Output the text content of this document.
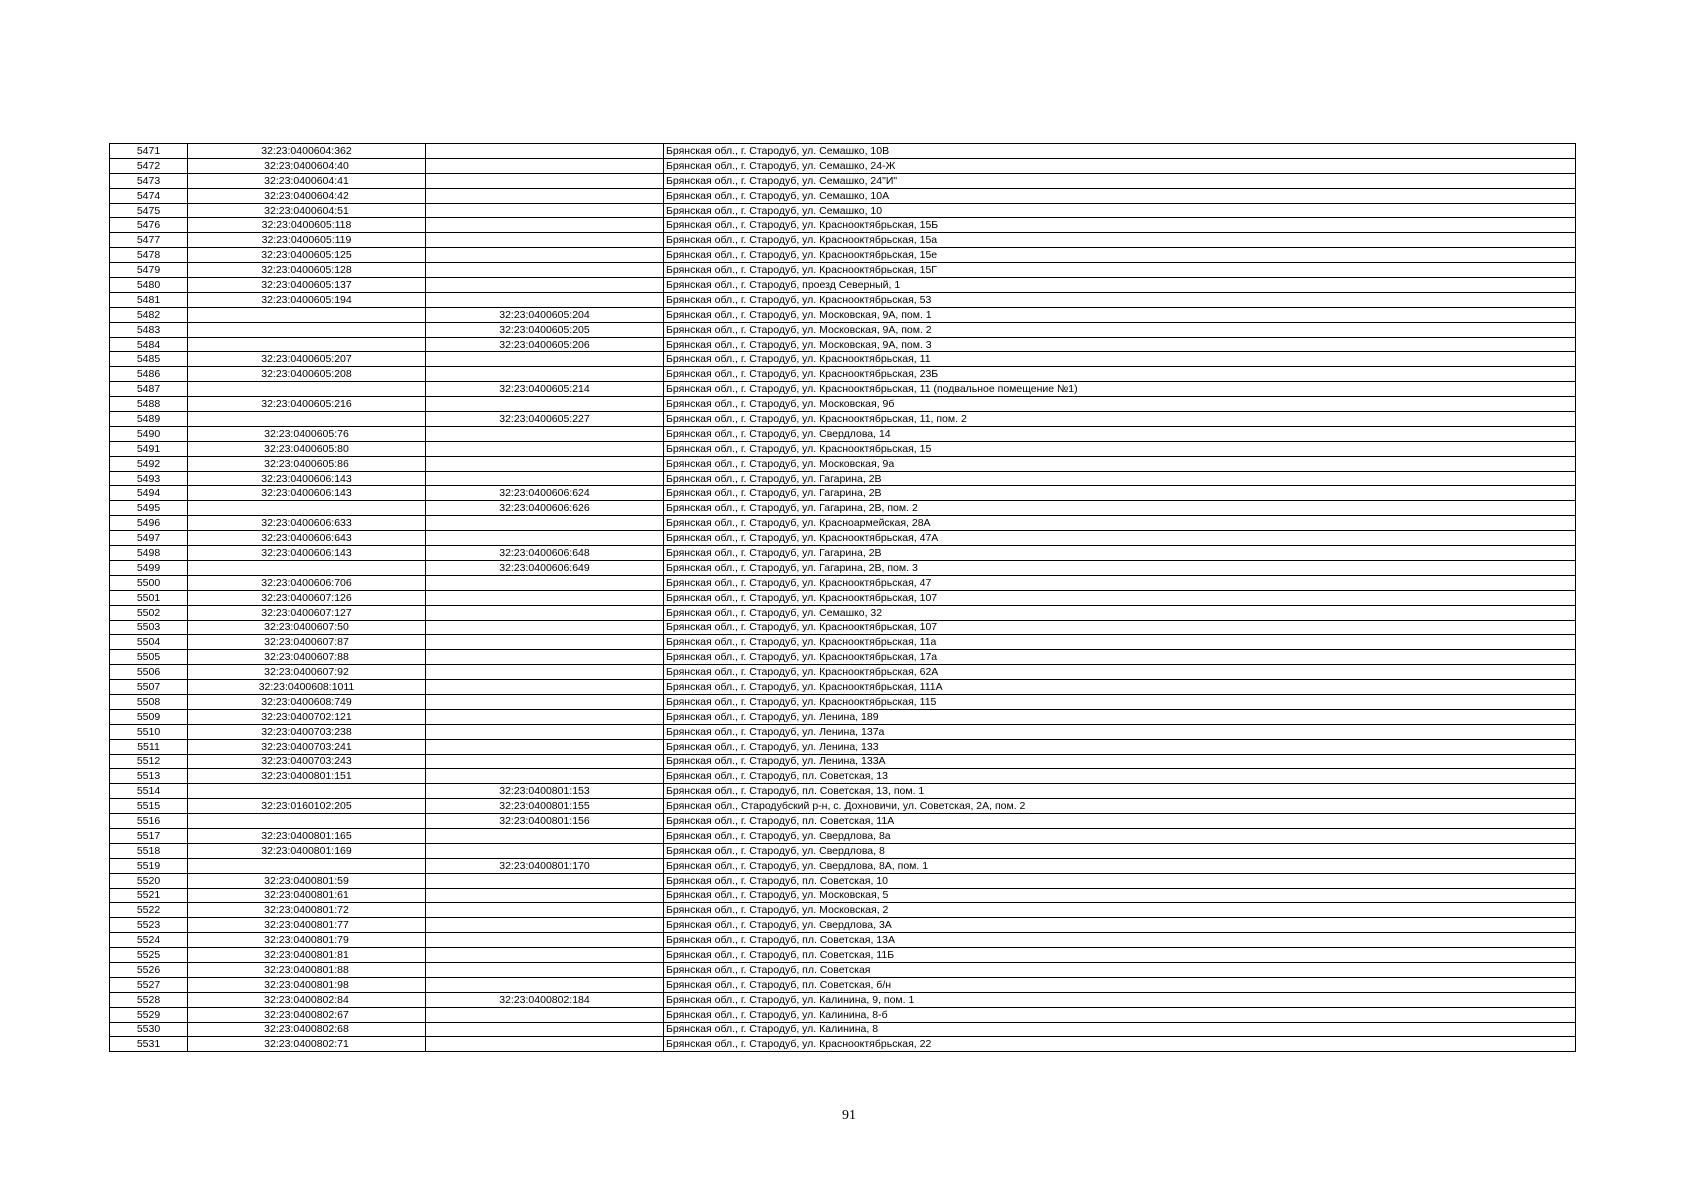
5471	32:23:0400604:362		Брянская обл., г. Стародуб, ул. Семашко, 10В
5472	32:23:0400604:40		Брянская обл., г. Стародуб, ул. Семашко, 24-Ж
5473	32:23:0400604:41		Брянская обл., г. Стародуб, ул. Семашко, 24"И"
5474	32:23:0400604:42		Брянская обл., г. Стародуб, ул. Семашко, 10А
5475	32:23:0400604:51		Брянская обл., г. Стародуб, ул. Семашко, 10
5476	32:23:0400605:118		Брянская обл., г. Стародуб, ул. Краснооктябрьская, 15Б
5477	32:23:0400605:119		Брянская обл., г. Стародуб, ул. Краснооктябрьская, 15а
5478	32:23:0400605:125		Брянская обл., г. Стародуб, ул. Краснооктябрьская, 15е
5479	32:23:0400605:128		Брянская обл., г. Стародуб, ул. Краснооктябрьская, 15Г
5480	32:23:0400605:137		Брянская обл., г. Стародуб, проезд Северный, 1
5481	32:23:0400605:194		Брянская обл., г. Стародуб, ул. Краснооктябрьская, 53
5482		32:23:0400605:204	Брянская обл., г. Стародуб, ул. Московская, 9А, пом. 1
5483		32:23:0400605:205	Брянская обл., г. Стародуб, ул. Московская, 9А, пом. 2
5484		32:23:0400605:206	Брянская обл., г. Стародуб, ул. Московская, 9А, пом. 3
5485	32:23:0400605:207		Брянская обл., г. Стародуб, ул. Краснооктябрьская, 11
5486	32:23:0400605:208		Брянская обл., г. Стародуб, ул. Краснооктябрьская, 23Б
5487		32:23:0400605:214	Брянская обл., г. Стародуб, ул. Краснооктябрьская, 11 (подвальное помещение №1)
5488	32:23:0400605:216		Брянская обл., г. Стародуб, ул. Московская, 9б
5489		32:23:0400605:227	Брянская обл., г. Стародуб, ул. Краснооктябрьская, 11, пом. 2
5490	32:23:0400605:76		Брянская обл., г. Стародуб, ул. Свердлова, 14
5491	32:23:0400605:80		Брянская обл., г. Стародуб, ул. Краснооктябрьская, 15
5492	32:23:0400605:86		Брянская обл., г. Стародуб, ул. Московская, 9а
5493	32:23:0400606:143		Брянская обл., г. Стародуб, ул. Гагарина, 2В
5494	32:23:0400606:143	32:23:0400606:624	Брянская обл., г. Стародуб, ул. Гагарина, 2В
5495		32:23:0400606:626	Брянская обл., г. Стародуб, ул. Гагарина, 2В, пом. 2
5496	32:23:0400606:633		Брянская обл., г. Стародуб, ул. Красноармейская, 28А
5497	32:23:0400606:643		Брянская обл., г. Стародуб, ул. Краснооктябрьская, 47А
5498	32:23:0400606:143	32:23:0400606:648	Брянская обл., г. Стародуб, ул. Гагарина, 2В
5499		32:23:0400606:649	Брянская обл., г. Стародуб, ул. Гагарина, 2В, пом. 3
5500	32:23:0400606:706		Брянская обл., г. Стародуб, ул. Краснооктябрьская, 47
5501	32:23:0400607:126		Брянская обл., г. Стародуб, ул. Краснооктябрьская, 107
5502	32:23:0400607:127		Брянская обл., г. Стародуб, ул. Семашко, 32
5503	32:23:0400607:50		Брянская обл., г. Стародуб, ул. Краснооктябрьская, 107
5504	32:23:0400607:87		Брянская обл., г. Стародуб, ул. Краснооктябрьская, 11а
5505	32:23:0400607:88		Брянская обл., г. Стародуб, ул. Краснооктябрьская, 17а
5506	32:23:0400607:92		Брянская обл., г. Стародуб, ул. Краснооктябрьская, 62А
5507	32:23:0400608:1011		Брянская обл., г. Стародуб, ул. Краснооктябрьская, 111А
5508	32:23:0400608:749		Брянская обл., г. Стародуб, ул. Краснооктябрьская, 115
5509	32:23:0400702:121		Брянская обл., г. Стародуб, ул. Ленина, 189
5510	32:23:0400703:238		Брянская обл., г. Стародуб, ул. Ленина, 137а
5511	32:23:0400703:241		Брянская обл., г. Стародуб, ул. Ленина, 133
5512	32:23:0400703:243		Брянская обл., г. Стародуб, ул. Ленина, 133А
5513	32:23:0400801:151		Брянская обл., г. Стародуб, пл. Советская, 13
5514		32:23:0400801:153	Брянская обл., г. Стародуб, пл. Советская, 13, пом. 1
5515	32:23:0160102:205	32:23:0400801:155	Брянская обл., Стародубский р-н, с. Дохновичи, ул. Советская, 2А, пом. 2
5516		32:23:0400801:156	Брянская обл., г. Стародуб, пл. Советская, 11А
5517	32:23:0400801:165		Брянская обл., г. Стародуб, ул. Свердлова, 8а
5518	32:23:0400801:169		Брянская обл., г. Стародуб, ул. Свердлова, 8
5519		32:23:0400801:170	Брянская обл., г. Стародуб, ул. Свердлова, 8А, пом. 1
5520	32:23:0400801:59		Брянская обл., г. Стародуб, пл. Советская, 10
5521	32:23:0400801:61		Брянская обл., г. Стародуб, ул. Московская, 5
5522	32:23:0400801:72		Брянская обл., г. Стародуб, ул. Московская, 2
5523	32:23:0400801:77		Брянская обл., г. Стародуб, ул. Свердлова, 3А
5524	32:23:0400801:79		Брянская обл., г. Стародуб, пл. Советская, 13А
5525	32:23:0400801:81		Брянская обл., г. Стародуб, пл. Советская, 11Б
5526	32:23:0400801:88		Брянская обл., г. Стародуб, пл. Советская
5527	32:23:0400801:98		Брянская обл., г. Стародуб, пл. Советская, б/н
5528	32:23:0400802:84	32:23:0400802:184	Брянская обл., г. Стародуб, ул. Калинина, 9, пом. 1
5529	32:23:0400802:67		Брянская обл., г. Стародуб, ул. Калинина, 8-б
5530	32:23:0400802:68		Брянская обл., г. Стародуб, ул. Калинина, 8
5531	32:23:0400802:71		Брянская обл., г. Стародуб, ул. Краснооктябрьская, 22
91
